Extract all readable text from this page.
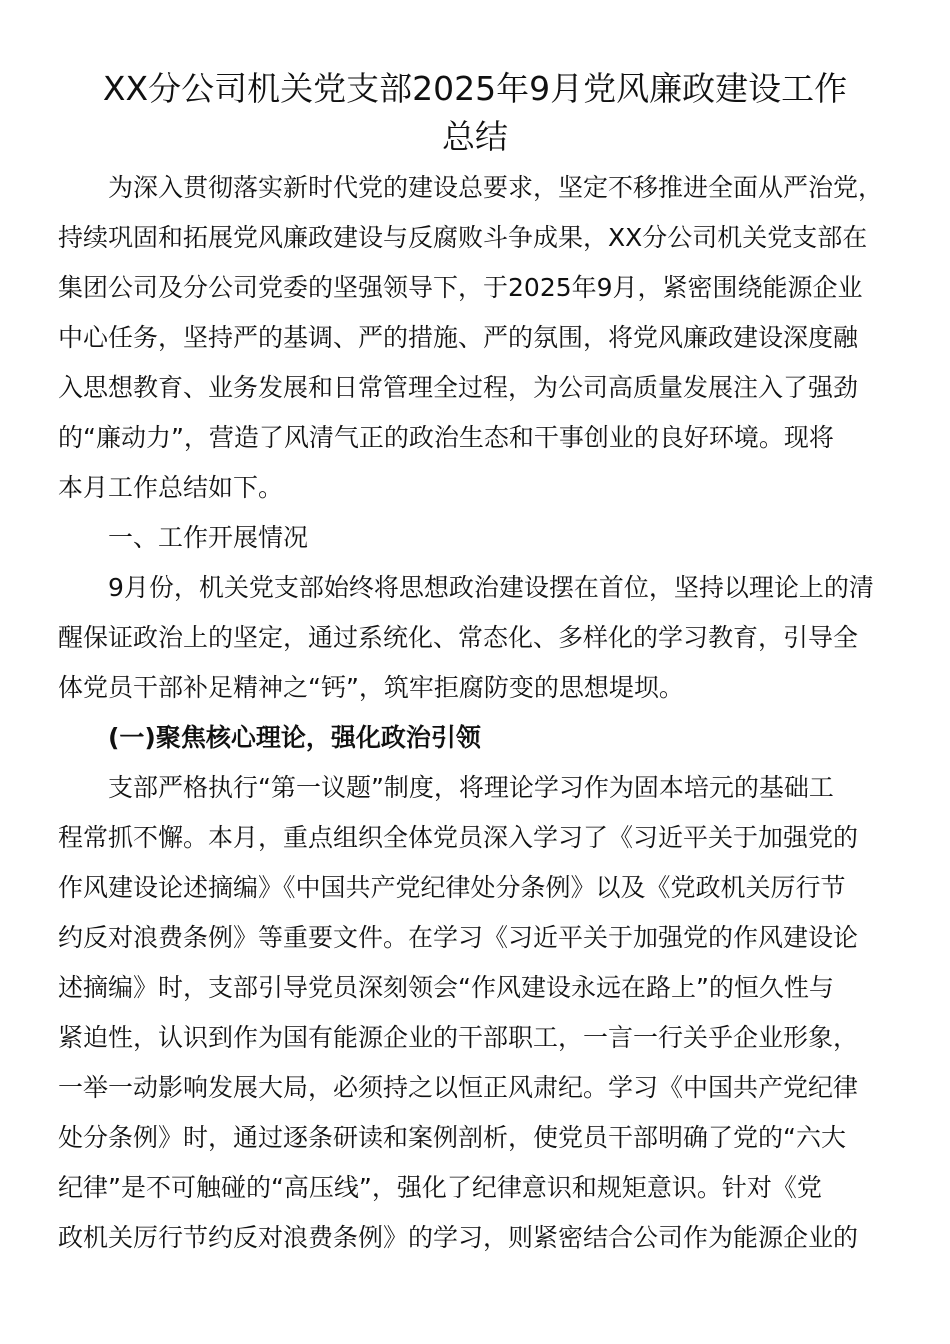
XX分公司机关党支部2025年9月党风廉政建设工作
总结

为深入贯彻落实新时代党的建设总要求，坚定不移推进全面从严治党，

持续巩固和拓展党风廉政建设与反腐败斗争成果，XX分公司机关党支部在

集团公司及分公司党委的坚强领导下，于2025年9月，紧密围绕能源企业

中心任务，坚持严的基调、严的措施、严的氛围，将党风廉政建设深度融

入思想教育、业务发展和日常管理全过程，为公司高质量发展注入了强劲

的“廉动力”，营造了风清气正的政治生态和干事创业的良好环境。现将

本月工作总结如下。

一、工作开展情况

9月份，机关党支部始终将思想政治建设摆在首位，坚持以理论上的清

醒保证政治上的坚定，通过系统化、常态化、多样化的学习教育，引导全

体党员干部补足精神之“钙”，筑牢拒腐防变的思想堤坝。

(一)聚焦核心理论，强化政治引领

支部严格执行“第一议题”制度，将理论学习作为固本培元的基础工

程常抓不懈。本月，重点组织全体党员深入学习了《习近平关于加强党的

作风建设论述摘编》《中国共产党纪律处分条例》以及《党政机关厉行节

约反对浪费条例》等重要文件。在学习《习近平关于加强党的作风建设论

述摘编》时，支部引导党员深刻领会“作风建设永远在路上”的恒久性与

紧迫性，认识到作为国有能源企业的干部职工，一言一行关乎企业形象，

一举一动影响发展大局，必须持之以恒正风肃纪。学习《中国共产党纪律

处分条例》时，通过逐条研读和案例剖析，使党员干部明确了党的“六大

纪律”是不可触碰的“高压线”，强化了纪律意识和规矩意识。针对《党

政机关厉行节约反对浪费条例》的学习，则紧密结合公司作为能源企业的
